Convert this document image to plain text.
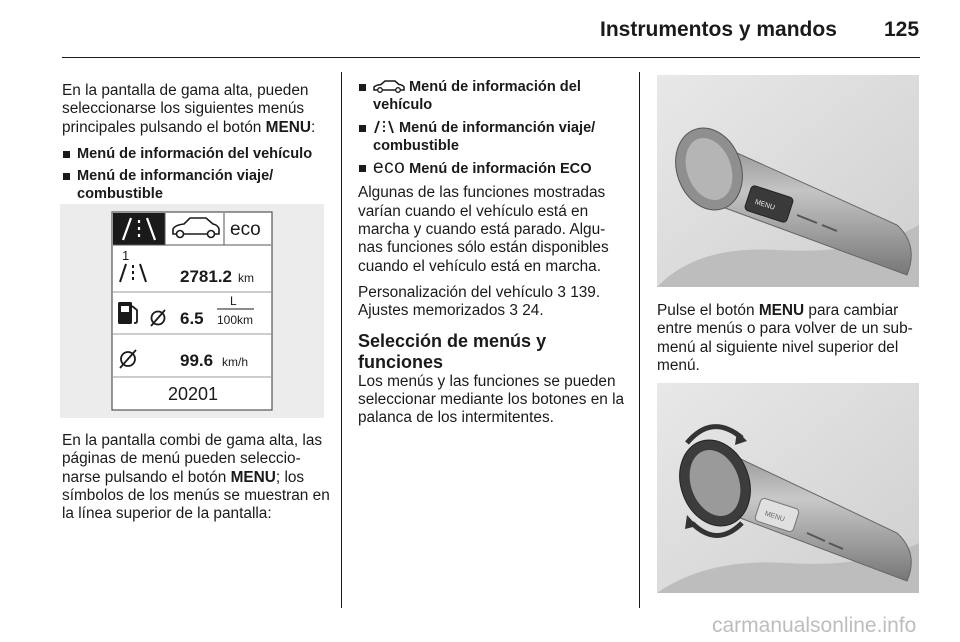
Instrumentos y mandos 125

En la pantalla de gama alta, pueden seleccionarse los siguientes menús principales pulsando el botón MENU:

Menú de información del vehículo
Menú de informanción viaje/ combustible
eco
1
2781.2 km
6.5
L
100km
99.6 km/h
20201

En la pantalla combi de gama alta, las páginas de menú pueden seleccio- narse pulsando el botón MENU; los símbolos de los menús se muestran en la línea superior de la pantalla:

Menú de información del vehículo
Menú de informanción viaje/ combustible
eco Menú de información ECO

Algunas de las funciones mostradas varían cuando el vehículo está en marcha y cuando está parado. Algu- nas funciones sólo están disponibles cuando el vehículo está en marcha.

Personalización del vehículo 3 139.
Ajustes memorizados 3 24.

Selección de menús y funciones

Los menús y las funciones se pueden seleccionar mediante los botones en la palanca de los intermitentes.

MENU

Pulse el botón MENU para cambiar entre menús o para volver de un sub- menú al siguiente nivel superior del menú.

MENU
carmanualsonline.info
